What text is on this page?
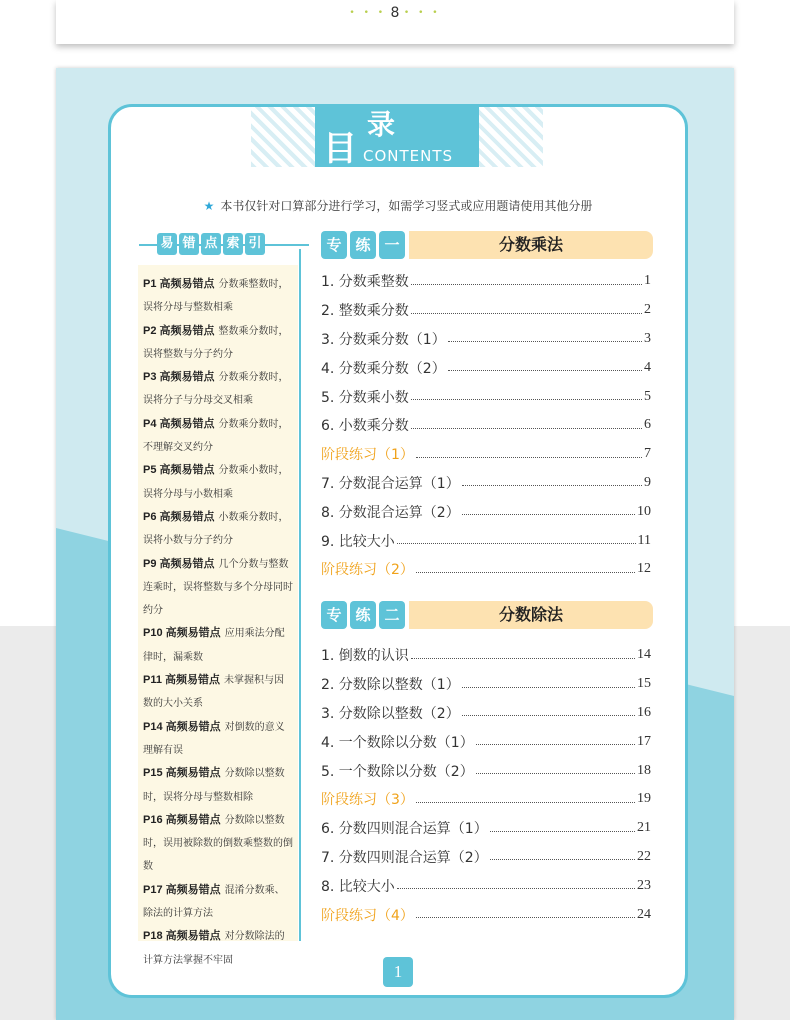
• • • 8 • • •
目
录
CONTENTS
★ 本书仅针对口算部分进行学习，如需学习竖式或应用题请使用其他分册
易 错 点 索 引
P1 高频易错点 分数乘整数时，误将分母与整数相乘
P2 高频易错点 整数乘分数时，误将整数与分子约分
P3 高频易错点 分数乘分数时，误将分子与分母交叉相乘
P4 高频易错点 分数乘分数时，不理解交叉约分
P5 高频易错点 分数乘小数时，误将分母与小数相乘
P6 高频易错点 小数乘分数时，误将小数与分子约分
P9 高频易错点 几个分数与整数连乘时，误将整数与多个分母同时约分
P10 高频易错点 应用乘法分配律时，漏乘数
P11 高频易错点 未掌握积与因数的大小关系
P14 高频易错点 对倒数的意义理解有误
P15 高频易错点 分数除以整数时，误将分母与整数相除
P16 高频易错点 分数除以整数时，误用被除数的倒数乘整数的倒数
P17 高频易错点 混淆分数乘、除法的计算方法
P18 高频易错点 对分数除法的计算方法掌握不牢固
专 练 一	分数乘法
1. 分数乘整数	1
2. 整数乘分数	2
3. 分数乘分数（1）	3
4. 分数乘分数（2）	4
5. 分数乘小数	5
6. 小数乘分数	6
阶段练习（1）	7
7. 分数混合运算（1）	9
8. 分数混合运算（2）	10
9. 比较大小	11
阶段练习（2）	12
专 练 二	分数除法
1. 倒数的认识	14
2. 分数除以整数（1）	15
3. 分数除以整数（2）	16
4. 一个数除以分数（1）	17
5. 一个数除以分数（2）	18
阶段练习（3）	19
6. 分数四则混合运算（1）	21
7. 分数四则混合运算（2）	22
8. 比较大小	23
阶段练习（4）	24
1
